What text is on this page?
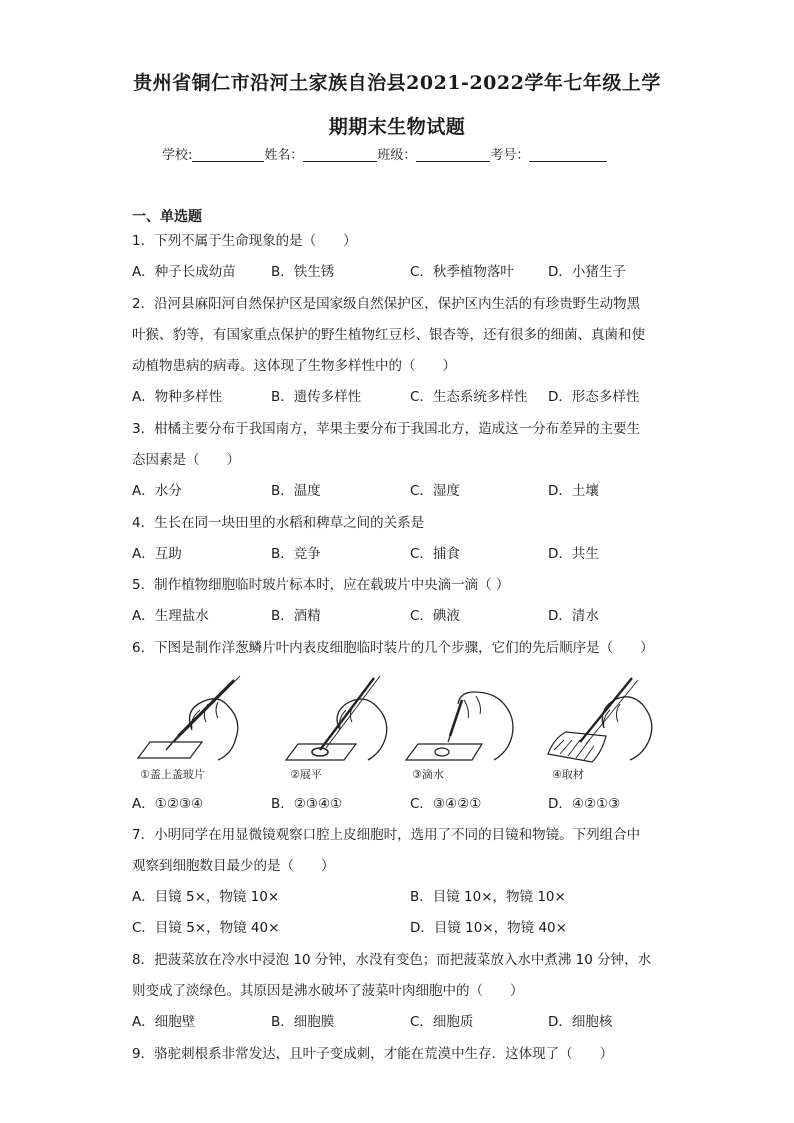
贵州省铜仁市沿河土家族自治县2021-2022学年七年级上学
期期末生物试题
学校:	姓名：	班级：	考号：
一、单选题
1．下列不属于生命现象的是（　　）
A．种子长成幼苗	B．铁生锈	C．秋季植物落叶	D．小猪生子
2．沿河县麻阳河自然保护区是国家级自然保护区，保护区内生活的有珍贵野生动物黑
叶猴、豹等，有国家重点保护的野生植物红豆杉、银杏等，还有很多的细菌、真菌和使
动植物患病的病毒。这体现了生物多样性中的（　　）
A．物种多样性	B．遗传多样性	C．生态系统多样性 D．形态多样性
3．柑橘主要分布于我国南方，苹果主要分布于我国北方，造成这一分布差异的主要生
态因素是（　　）
A．水分	B．温度	C．湿度	D．土壤
4．生长在同一块田里的水稻和稗草之间的关系是
A．互助	B．竞争	C．捕食	D．共生
5．制作植物细胞临时玻片标本时，应在载玻片中央滴一滴（ ）
A．生理盐水	B．酒精	C．碘液	D．清水
6．下图是制作洋葱鳞片叶内表皮细胞临时装片的几个步骤，它们的先后顺序是（　　）
①盖上盖玻片	②展平	③滴水	④取材
A．①②③④	B．②③④①	C．③④②①	D．④②①③
7．小明同学在用显微镜观察口腔上皮细胞时，选用了不同的目镜和物镜。下列组合中
观察到细胞数目最少的是（　　）
A．目镜 5×，物镜 10×	B．目镜 10×，物镜 10×
C．目镜 5×，物镜 40×	D．目镜 10×，物镜 40×
8．把菠菜放在冷水中浸泡 10 分钟，水没有变色；而把菠菜放入水中煮沸 10 分钟，水
则变成了淡绿色。其原因是沸水破坏了菠菜叶肉细胞中的（　　）
A．细胞壁	B．细胞膜	C．细胞质	D．细胞核
9．骆驼刺根系非常发达，且叶子变成刺，才能在荒漠中生存．这体现了（　　）
